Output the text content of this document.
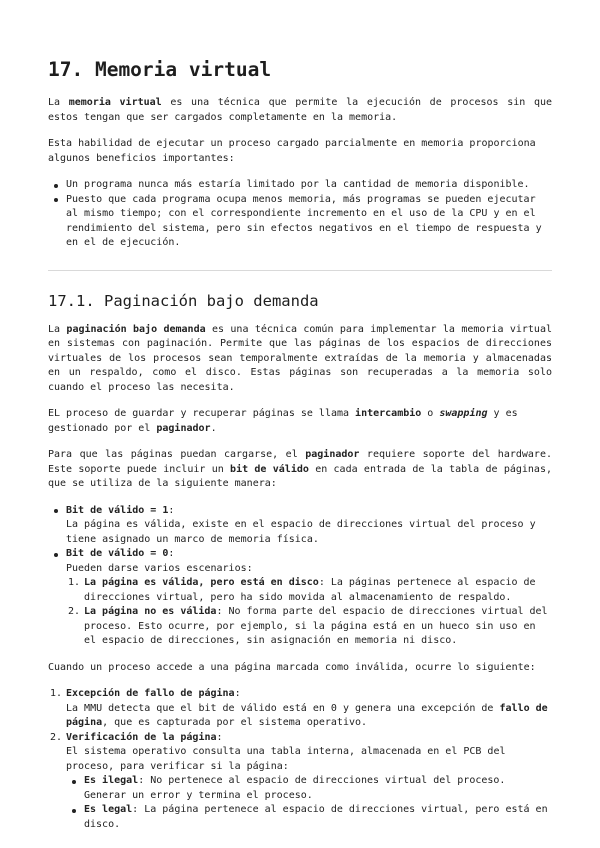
17. Memoria virtual

La memoria virtual es una técnica que permite la ejecución de procesos sin que estos tengan que ser cargados completamente en la memoria.

Esta habilidad de ejecutar un proceso cargado parcialmente en memoria proporciona algunos beneficios importantes:

Un programa nunca más estaría limitado por la cantidad de memoria disponible.
Puesto que cada programa ocupa menos memoria, más programas se pueden ejecutar al mismo tiempo; con el correspondiente incremento en el uso de la CPU y en el rendimiento del sistema, pero sin efectos negativos en el tiempo de respuesta y en el de ejecución.
17.1. Paginación bajo demanda

La paginación bajo demanda es una técnica común para implementar la memoria virtual en sistemas con paginación. Permite que las páginas de los espacios de direcciones virtuales de los procesos sean temporalmente extraídas de la memoria y almacenadas en un respaldo, como el disco. Estas páginas son recuperadas a la memoria solo cuando el proceso las necesita.

EL proceso de guardar y recuperar páginas se llama intercambio o swapping y es gestionado por el paginador.

Para que las páginas puedan cargarse, el paginador requiere soporte del hardware. Este soporte puede incluir un bit de válido en cada entrada de la tabla de páginas, que se utiliza de la siguiente manera:

Bit de válido = 1:
La página es válida, existe en el espacio de direcciones virtual del proceso y tiene asignado un marco de memoria física.
Bit de válido = 0:
Pueden darse varios escenarios:
1. La página es válida, pero está en disco: La páginas pertenece al espacio de direcciones virtual, pero ha sido movida al almacenamiento de respaldo.
2. La página no es válida: No forma parte del espacio de direcciones virtual del proceso. Esto ocurre, por ejemplo, si la página está en un hueco sin uso en el espacio de direcciones, sin asignación en memoria ni disco.

Cuando un proceso accede a una página marcada como inválida, ocurre lo siguiente:

1. Excepción de fallo de página:
La MMU detecta que el bit de válido está en 0 y genera una excepción de fallo de página, que es capturada por el sistema operativo.
2. Verificación de la página:
El sistema operativo consulta una tabla interna, almacenada en el PCB del proceso, para verificar si la página:
Es ilegal: No pertenece al espacio de direcciones virtual del proceso. Generar un error y termina el proceso.
Es legal: La página pertenece al espacio de direcciones virtual, pero está en disco.
